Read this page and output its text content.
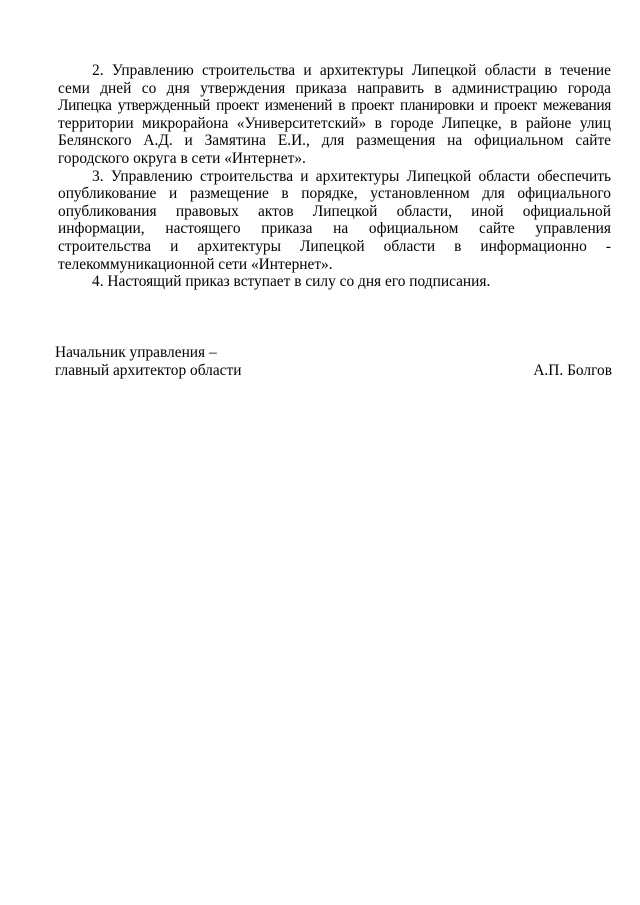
2. Управлению строительства и архитектуры Липецкой области в течение
семи дней со дня утверждения приказа направить в администрацию города
Липецка утвержденный проект изменений в проект планировки и проект межевания
территории микрорайона «Университетский» в городе Липецке, в районе улиц
Белянского А.Д. и Замятина Е.И., для размещения на официальном сайте
городского округа в сети «Интернет».

3. Управлению строительства и архитектуры Липецкой области обеспечить
опубликование и размещение в порядке, установленном для официального
опубликования правовых актов Липецкой области, иной официальной
информации, настоящего приказа на официальном сайте управления
строительства и архитектуры Липецкой области в информационно -
телекоммуникационной сети «Интернет».

4. Настоящий приказ вступает в силу со дня его подписания.

Начальник управления –
главный архитектор области	А.П. Болгов
